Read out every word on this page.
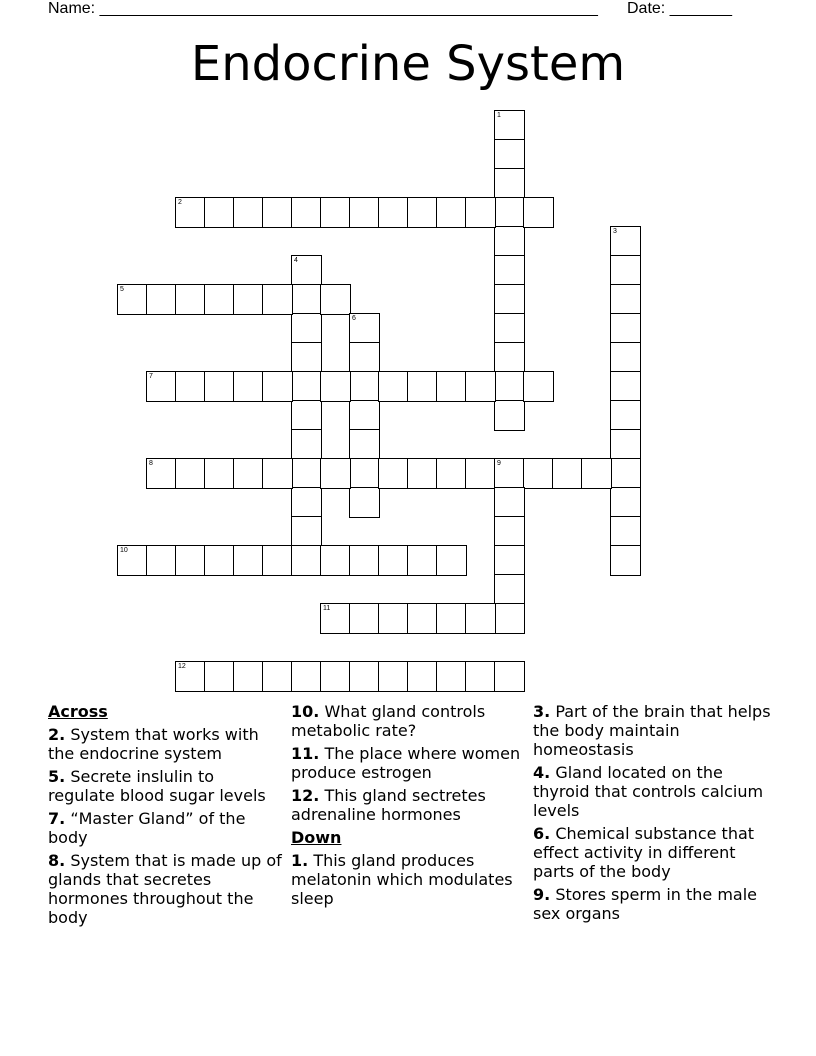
Name: ________________________________________________________ Date: _______
Endocrine System
1
2
3
4
5
6
7
8	9
10
11
12

Across

2. System that works with the endocrine system

5. Secrete inslulin to regulate blood sugar levels

7. “Master Gland” of the body

8. System that is made up of glands that secretes hormones throughout the body

10. What gland controls metabolic rate?

11. The place where women produce estrogen

12. This gland sectretes adrenaline hormones

Down

1. This gland produces melatonin which modulates sleep

3. Part of the brain that helps the body maintain homeostasis

4. Gland located on the thyroid that controls calcium levels

6. Chemical substance that effect activity in different parts of the body

9. Stores sperm in the male sex organs
